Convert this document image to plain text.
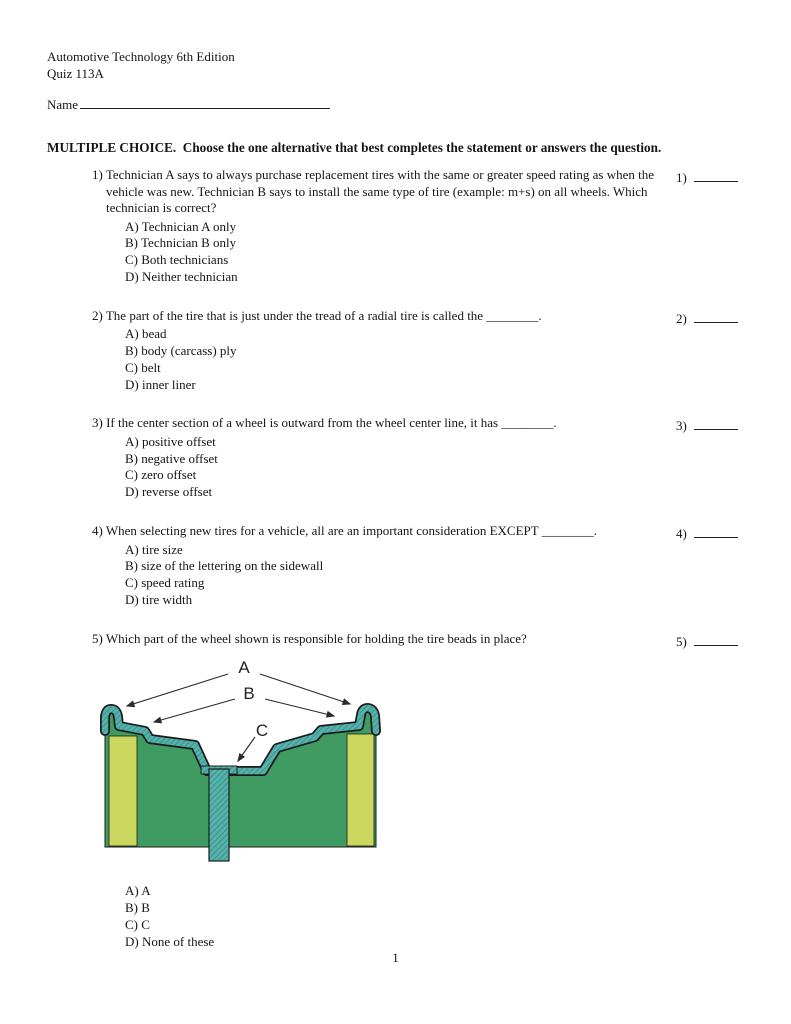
Automotive Technology 6th Edition
Quiz 113A
Name
MULTIPLE CHOICE.  Choose the one alternative that best completes the statement or answers the question.
1) Technician A says to always purchase replacement tires with the same or greater speed rating as when the vehicle was new. Technician B says to install the same type of tire (example: m+s) on all wheels. Which technician is correct?
A) Technician A only
B) Technician B only
C) Both technicians
D) Neither technician
1)
2) The part of the tire that is just under the tread of a radial tire is called the ________.
A) bead
B) body (carcass) ply
C) belt
D) inner liner
2)
3) If the center section of a wheel is outward from the wheel center line, it has ________.
A) positive offset
B) negative offset
C) zero offset
D) reverse offset
3)
4) When selecting new tires for a vehicle, all are an important consideration EXCEPT ________.
A) tire size
B) size of the lettering on the sidewall
C) speed rating
D) tire width
4)
5) Which part of the wheel shown is responsible for holding the tire beads in place?
A
B
C
A) A
B) B
C) C
D) None of these
5)
1
